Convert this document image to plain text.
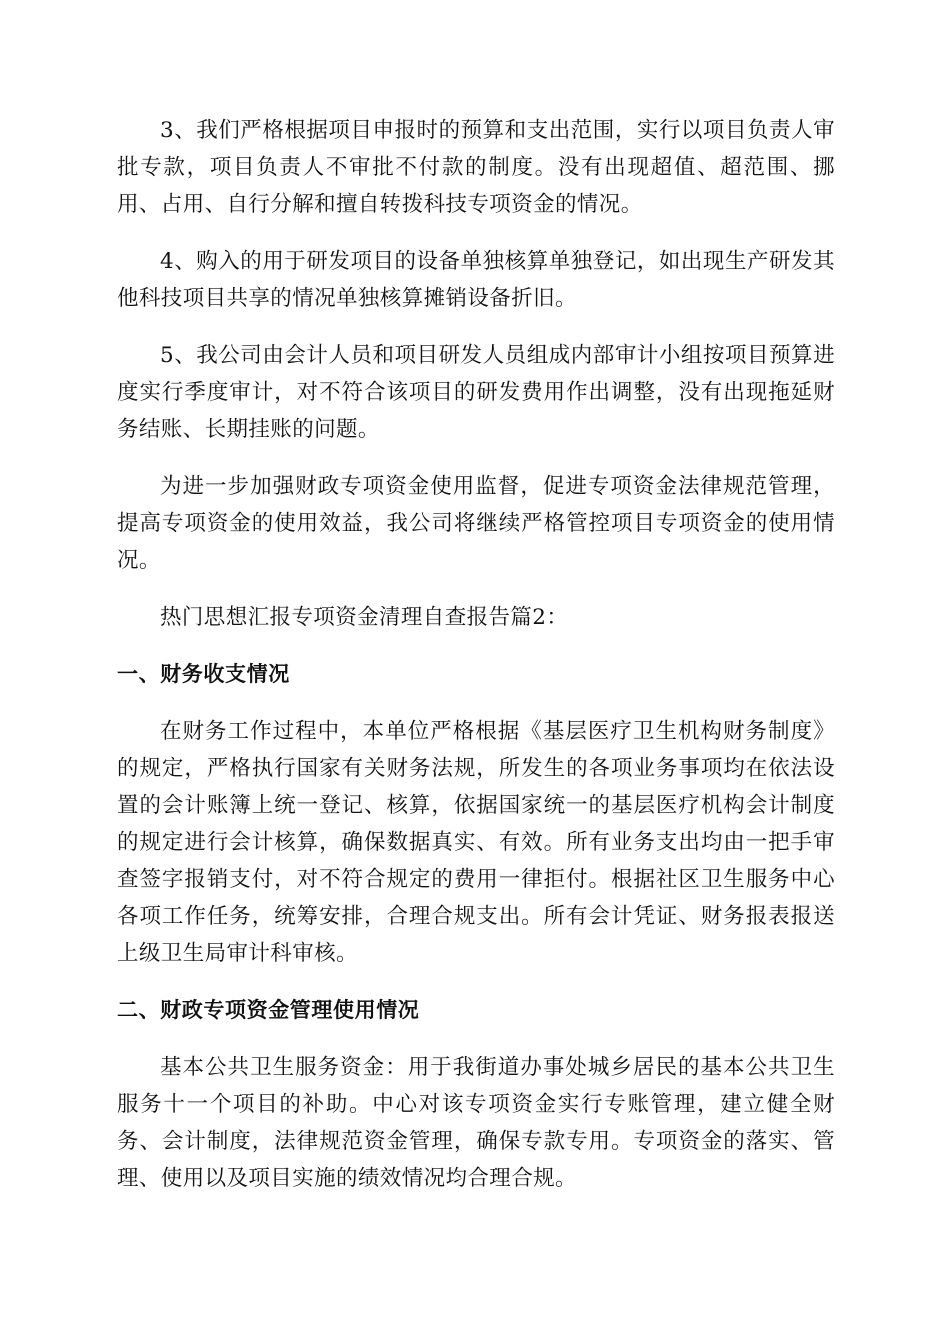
3、我们严格根据项目申报时的预算和支出范围，实行以项目负责人审批专款，项目负责人不审批不付款的制度。没有出现超值、超范围、挪用、占用、自行分解和擅自转拨科技专项资金的情况。

4、购入的用于研发项目的设备单独核算单独登记，如出现生产研发其他科技项目共享的情况单独核算摊销设备折旧。

5、我公司由会计人员和项目研发人员组成内部审计小组按项目预算进度实行季度审计，对不符合该项目的研发费用作出调整，没有出现拖延财务结账、长期挂账的问题。

为进一步加强财政专项资金使用监督，促进专项资金法律规范管理，提高专项资金的使用效益，我公司将继续严格管控项目专项资金的使用情况。

热门思想汇报专项资金清理自查报告篇2：

一、财务收支情况

在财务工作过程中，本单位严格根据《基层医疗卫生机构财务制度》的规定，严格执行国家有关财务法规，所发生的各项业务事项均在依法设置的会计账簿上统一登记、核算，依据国家统一的基层医疗机构会计制度的规定进行会计核算，确保数据真实、有效。所有业务支出均由一把手审查签字报销支付，对不符合规定的费用一律拒付。根据社区卫生服务中心各项工作任务，统筹安排，合理合规支出。所有会计凭证、财务报表报送上级卫生局审计科审核。

二、财政专项资金管理使用情况

基本公共卫生服务资金：用于我街道办事处城乡居民的基本公共卫生服务十一个项目的补助。中心对该专项资金实行专账管理，建立健全财务、会计制度，法律规范资金管理，确保专款专用。专项资金的落实、管理、使用以及项目实施的绩效情况均合理合规。
